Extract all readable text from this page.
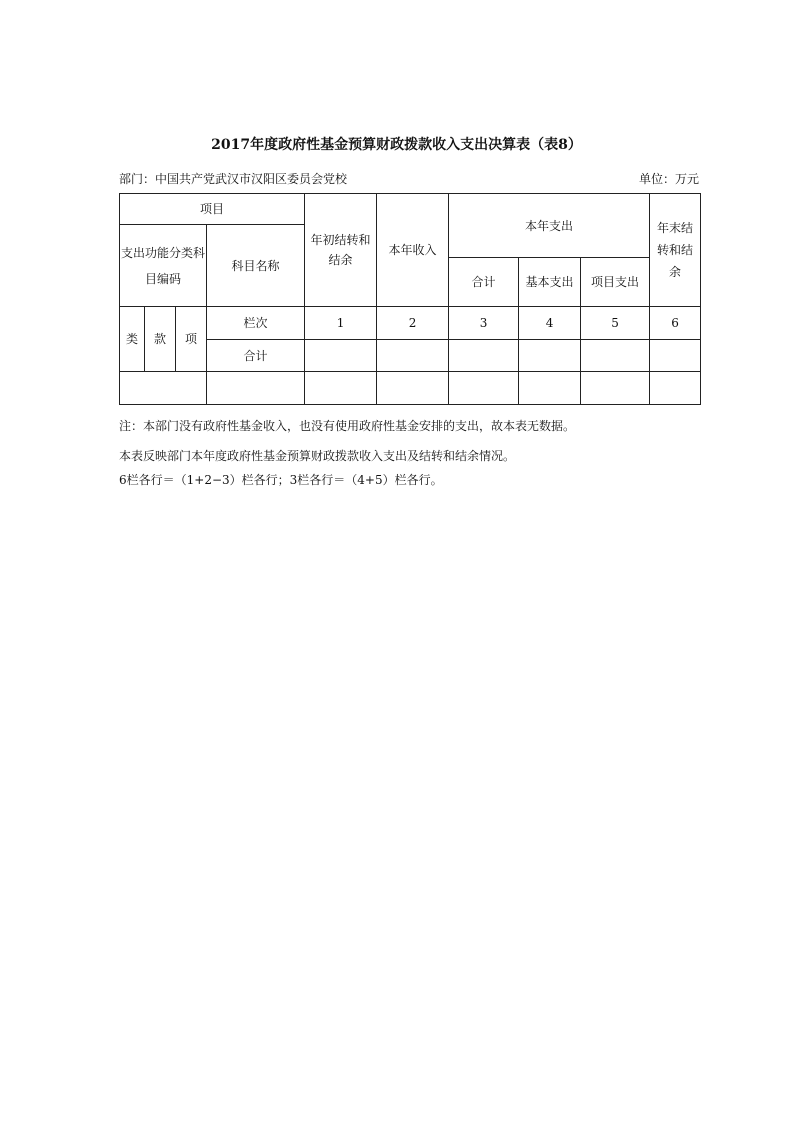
2017年度政府性基金预算财政拨款收入支出决算表（表8）
部门：中国共产党武汉市汉阳区委员会党校	单位：万元
项目				年初结转和结余	本年收入	本年支出			年末结转和结余
支出功能分类科目编码			科目名称						
						合计	基本支出	项目支出	
类	款	项	栏次	1	2	3	4	5	6
			合计						

注：本部门没有政府性基金收入，也没有使用政府性基金安排的支出，故本表无数据。

本表反映部门本年度政府性基金预算财政拨款收入支出及结转和结余情况。

6栏各行＝（1+2−3）栏各行；3栏各行＝（4+5）栏各行。
